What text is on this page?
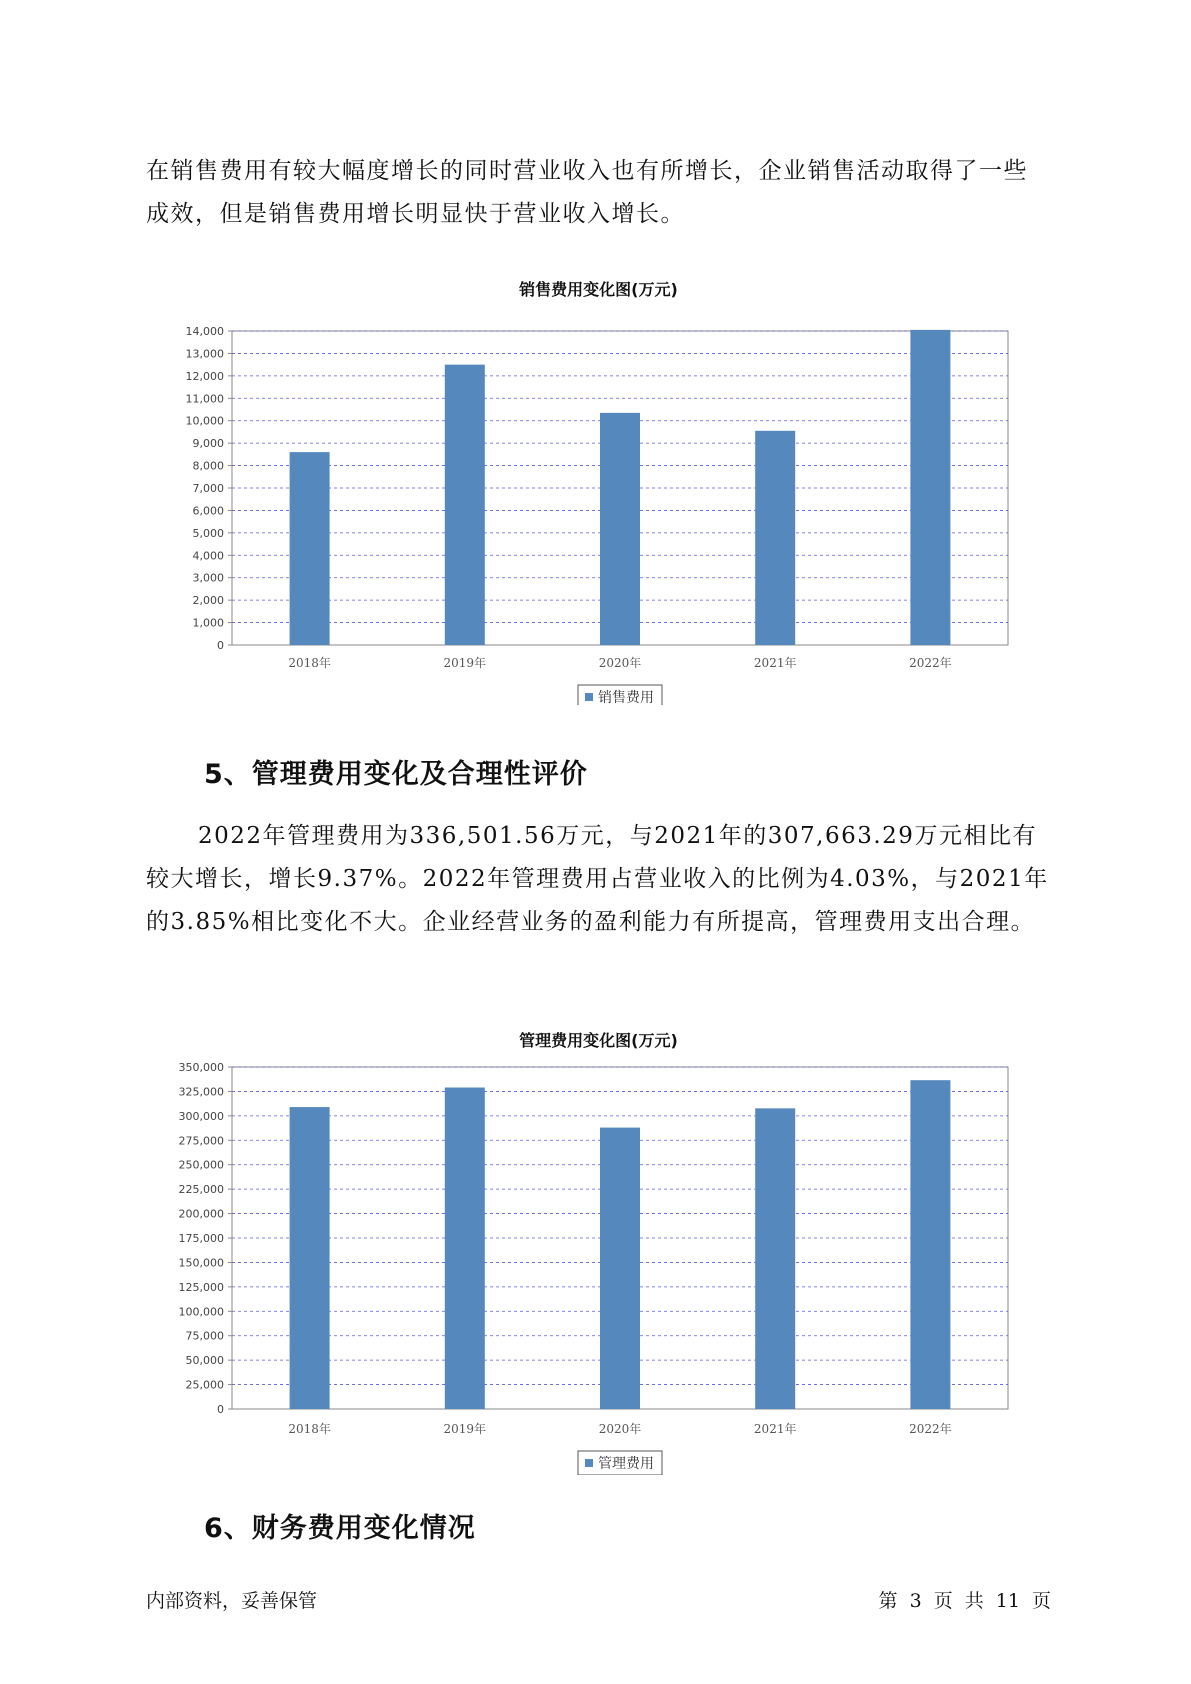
在销售费用有较大幅度增长的同时营业收入也有所增长，企业销售活动取得了一些成效，但是销售费用增长明显快于营业收入增长。

销售费用变化图(万元)
0
1,000
2,000
3,000
4,000
5,000
6,000
7,000
8,000
9,000
10,000
11,000
12,000
13,000
14,000
2018年	2019年	2020年	2021年	2022年
销售费用
5、管理费用变化及合理性评价

2022年管理费用为336,501.56万元，与2021年的307,663.29万元相比有较大增长，增长9.37%。2022年管理费用占营业收入的比例为4.03%，与2021年的3.85%相比变化不大。企业经营业务的盈利能力有所提高，管理费用支出合理。

管理费用变化图(万元)
0
25,000
50,000
75,000
100,000
125,000
150,000
175,000
200,000
225,000
250,000
275,000
300,000
325,000
350,000
2018年	2019年	2020年	2021年	2022年
管理费用
6、财务费用变化情况
内部资料，妥善保管	第 3 页 共 11 页
